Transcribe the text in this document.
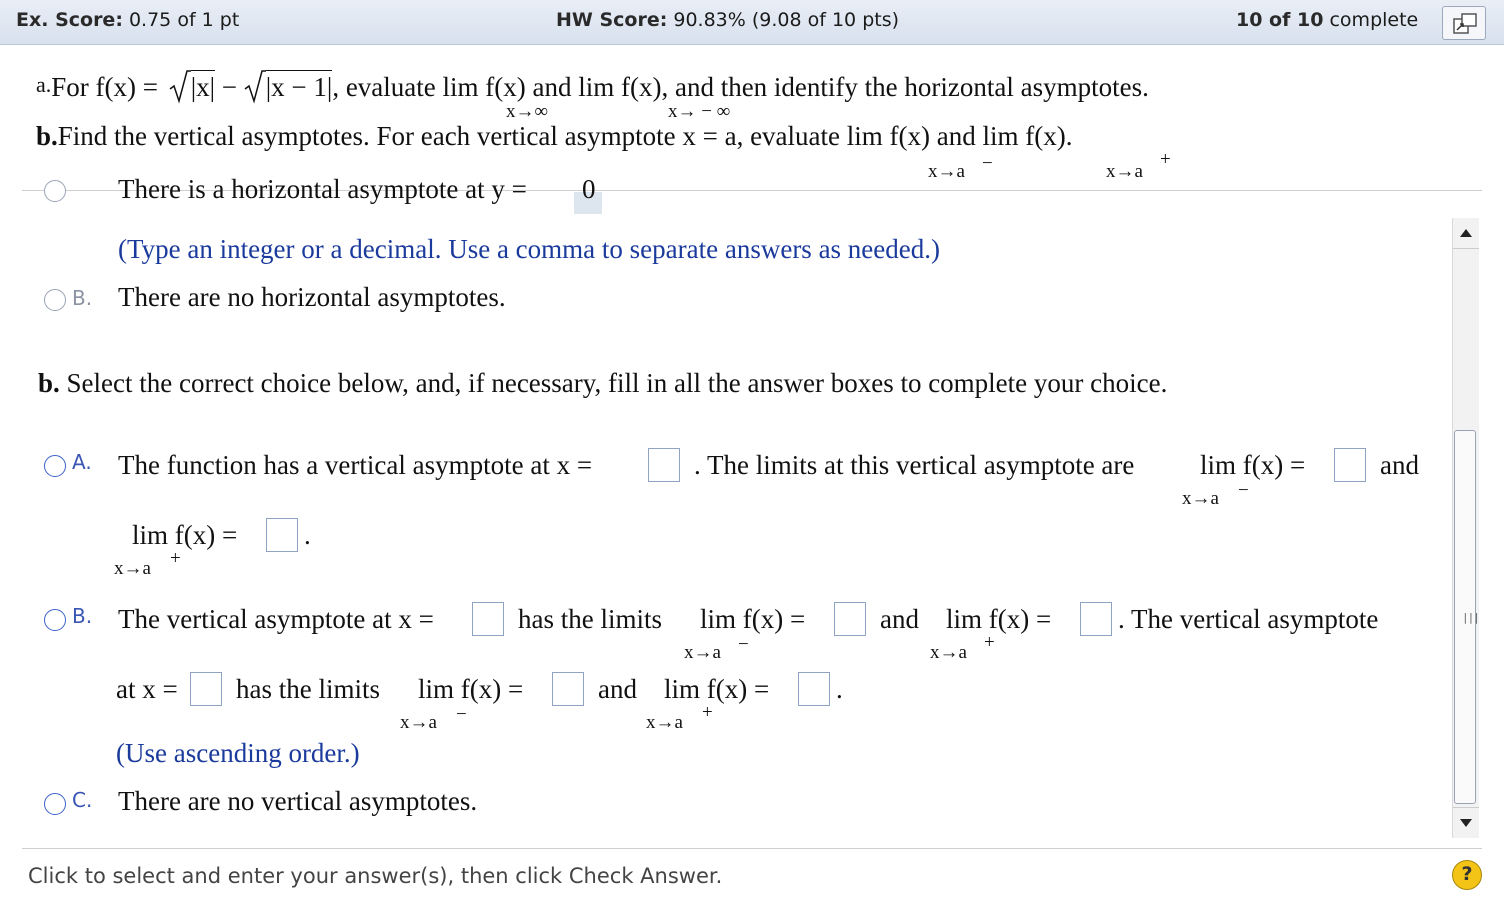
Ex. Score: 0.75 of 1 pt	HW Score: 90.83% (9.08 of 10 pts)	10 of 10 complete
a.For f(x) = |x| − |x − 1|, evaluate lim f(x) and lim f(x), and then identify the horizontal asymptotes.
x→∞	x→ − ∞
b.Find the vertical asymptotes. For each vertical asymptote x = a, evaluate lim f(x) and lim f(x).
x→a −	x→a
+
There is a horizontal asymptote at y = 0
(Type an integer or a decimal. Use a comma to separate answers as needed.)
B. There are no horizontal asymptotes.
b. Select the correct choice below, and, if necessary, fill in all the answer boxes to complete your choice.
A. The function has a vertical asymptote at x =	. The limits at this vertical asymptote are lim f(x) =
x→a −
and
lim f(x) =
x→a +
.
B. The vertical asymptote at x =	has the limits lim f(x) =
x→a −
and lim f(x) =
x→a +
. The vertical asymptote
at x = has the limits lim f(x) =
x→a −
and lim f(x) =
x→a +
.
(Use ascending order.)
C. There are no vertical asymptotes.
|||
Click to select and enter your answer(s), then click Check Answer.	?
